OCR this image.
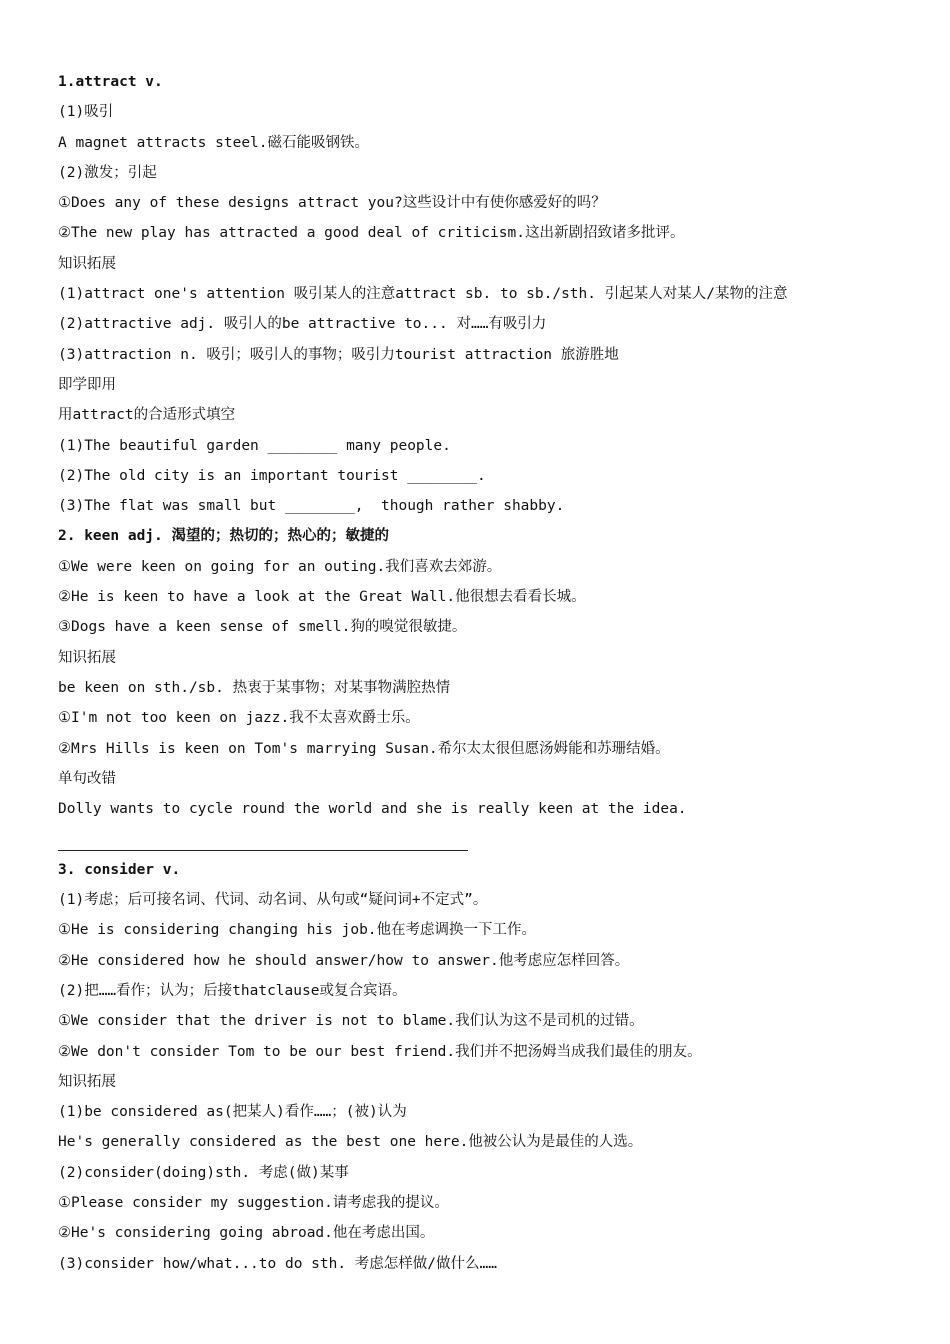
1.attract v.
(1)吸引
A magnet attracts steel.磁石能吸钢铁。
(2)激发；引起
①Does any of these designs attract you?这些设计中有使你感爱好的吗？
②The new play has attracted a good deal of criticism.这出新剧招致诸多批评。
知识拓展
(1)attract one's attention 吸引某人的注意attract sb. to sb./sth. 引起某人对某人/某物的注意
(2)attractive adj. 吸引人的be attractive to... 对……有吸引力
(3)attraction n. 吸引；吸引人的事物；吸引力tourist attraction 旅游胜地
即学即用
用attract的合适形式填空
(1)The beautiful garden ________ many people.
(2)The old city is an important tourist ________.
(3)The flat was small but ________,  though rather shabby.
2. keen adj. 渴望的；热切的；热心的；敏捷的
①We were keen on going for an outing.我们喜欢去郊游。
②He is keen to have a look at the Great Wall.他很想去看看长城。
③Dogs have a keen sense of smell.狗的嗅觉很敏捷。
知识拓展
be keen on sth./sb. 热衷于某事物；对某事物满腔热情
①I'm not too keen on jazz.我不太喜欢爵士乐。
②Mrs Hills is keen on Tom's marrying Susan.希尔太太很但愿汤姆能和苏珊结婚。
单句改错
Dolly wants to cycle round the world and she is really keen at the idea.
3. consider v.
(1)考虑；后可接名词、代词、动名词、从句或“疑问词+不定式”。
①He is considering changing his job.他在考虑调换一下工作。
②He considered how he should answer/how to answer.他考虑应怎样回答。
(2)把……看作；认为；后接thatclause或复合宾语。
①We consider that the driver is not to blame.我们认为这不是司机的过错。
②We don't consider Tom to be our best friend.我们并不把汤姆当成我们最佳的朋友。
知识拓展
(1)be considered as(把某人)看作……；(被)认为
He's generally considered as the best one here.他被公认为是最佳的人选。
(2)consider(doing)sth. 考虑(做)某事
①Please consider my suggestion.请考虑我的提议。
②He's considering going abroad.他在考虑出国。
(3)consider how/what...to do sth. 考虑怎样做/做什么……
